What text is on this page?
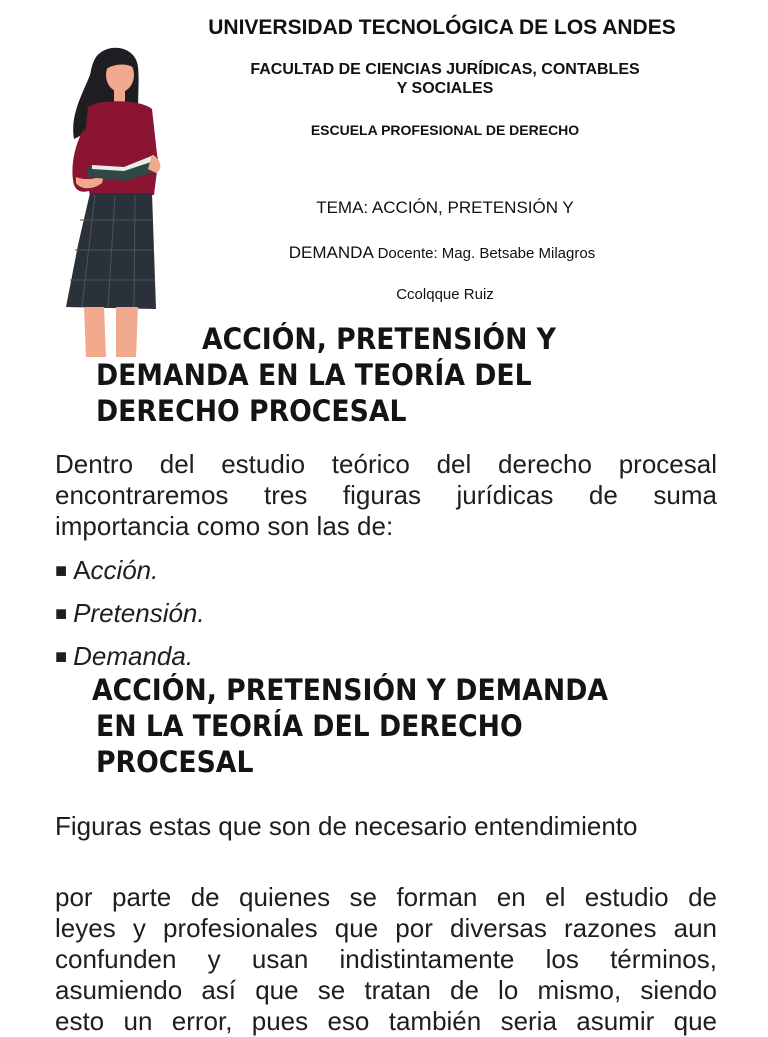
UNIVERSIDAD TECNOLÓGICA DE LOS ANDES
FACULTAD DE CIENCIAS JURÍDICAS, CONTABLES
Y SOCIALES
ESCUELA PROFESIONAL DE DERECHO
TEMA: ACCIÓN, PRETENSIÓN Y
DEMANDA Docente: Mag. Betsabe Milagros
Ccolqque Ruiz
ACCIÓN, PRETENSIÓN Y
DEMANDA EN LA TEORÍA DEL
DERECHO PROCESAL
Dentro del estudio teórico del derecho procesal
encontraremos tres figuras jurídicas de suma
importancia como son las de:
■ Acción.
■ Pretensión.
■ Demanda.
ACCIÓN, PRETENSIÓN Y DEMANDA
EN LA TEORÍA DEL DERECHO
PROCESAL
Figuras estas que son de necesario entendimiento
por parte de quienes se forman en el estudio de
leyes y profesionales que por diversas razones aun
confunden y usan indistintamente los términos,
asumiendo así que se tratan de lo mismo, siendo
esto un error, pues eso también seria asumir que
